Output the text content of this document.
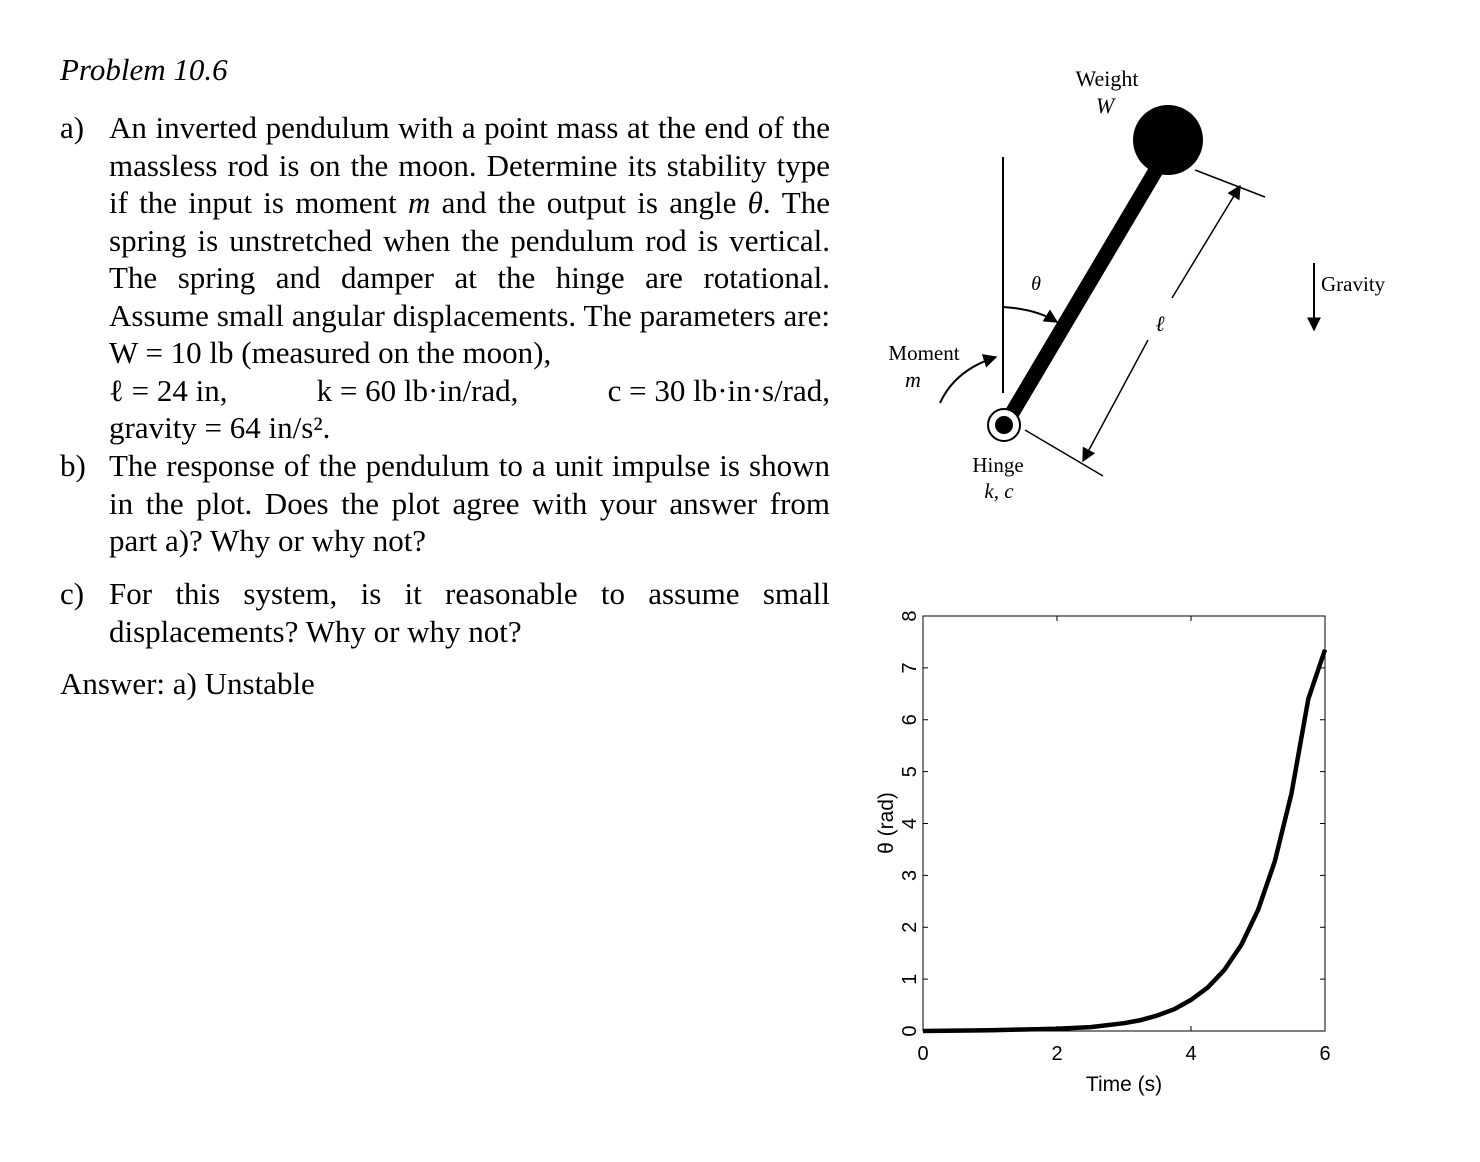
Problem 10.6
a) An inverted pendulum with a point mass at the end of the massless rod is on the moon. Determine its stability type if the input is moment m and the output is angle θ. The spring is unstretched when the pendulum rod is vertical. The spring and damper at the hinge are rotational. Assume small angular displacements. The parameters are: W = 10 lb (measured on the moon),
ℓ = 24 in,	k = 60 lb·in/rad,	c = 30 lb·in·s/rad,
gravity = 64 in/s².
b) The response of the pendulum to a unit impulse is shown in the plot. Does the plot agree with your answer from part a)? Why or why not?
c) For this system, is it reasonable to assume small displacements? Why or why not?
Answer: a) Unstable
Weight
W
θ
ℓ
Gravity
Moment
m
Hinge
k, c
0	2	4	6
0
1
2
3
4
5
6
7
8
Time (s)
θ (rad)
